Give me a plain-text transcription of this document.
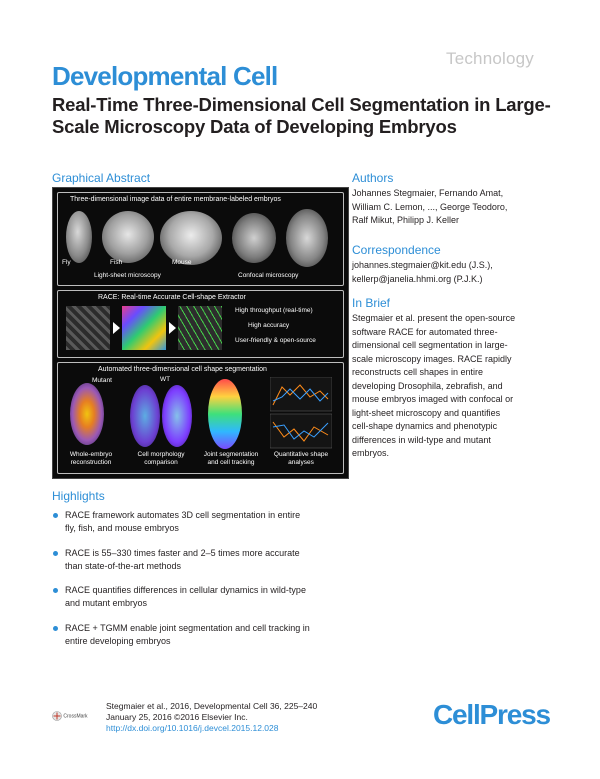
Technology
Developmental Cell
Real-Time Three-Dimensional Cell Segmentation in Large-Scale Microscopy Data of Developing Embryos
Graphical Abstract
Three-dimensional image data of entire membrane-labeled embryos
Fly	Fish	Mouse
Light-sheet microscopy	Confocal microscopy
RACE: Real-time Accurate Cell-shape Extractor
High throughput (real-time)
High accuracy
User-friendly & open-source
Automated three-dimensional cell shape segmentation
Mutant	WT
Whole-embryo reconstruction
Cell morphology comparison
Joint segmentation and cell tracking
Quantitative shape analyses
Authors
Johannes Stegmaier, Fernando Amat,
William C. Lemon, ..., George Teodoro,
Ralf Mikut, Philipp J. Keller
Correspondence
johannes.stegmaier@kit.edu (J.S.),
kellerp@janelia.hhmi.org (P.J.K.)
In Brief
Stegmaier et al. present the open-source
software RACE for automated three-
dimensional cell segmentation in large-
scale microscopy images. RACE rapidly
reconstructs cell shapes in entire
developing Drosophila, zebrafish, and
mouse embryos imaged with confocal or
light-sheet microscopy and quantifies
cell-shape dynamics and phenotypic
differences in wild-type and mutant
embryos.
Highlights
RACE framework automates 3D cell segmentation in entire
fly, fish, and mouse embryos
RACE is 55–330 times faster and 2–5 times more accurate
than state-of-the-art methods
RACE quantifies differences in cellular dynamics in wild-type
and mutant embryos
RACE + TGMM enable joint segmentation and cell tracking in
entire developing embryos
Stegmaier et al., 2016, Developmental Cell 36, 225–240
January 25, 2016 ©2016 Elsevier Inc.
http://dx.doi.org/10.1016/j.devcel.2015.12.028
CrossMark	CellPress
